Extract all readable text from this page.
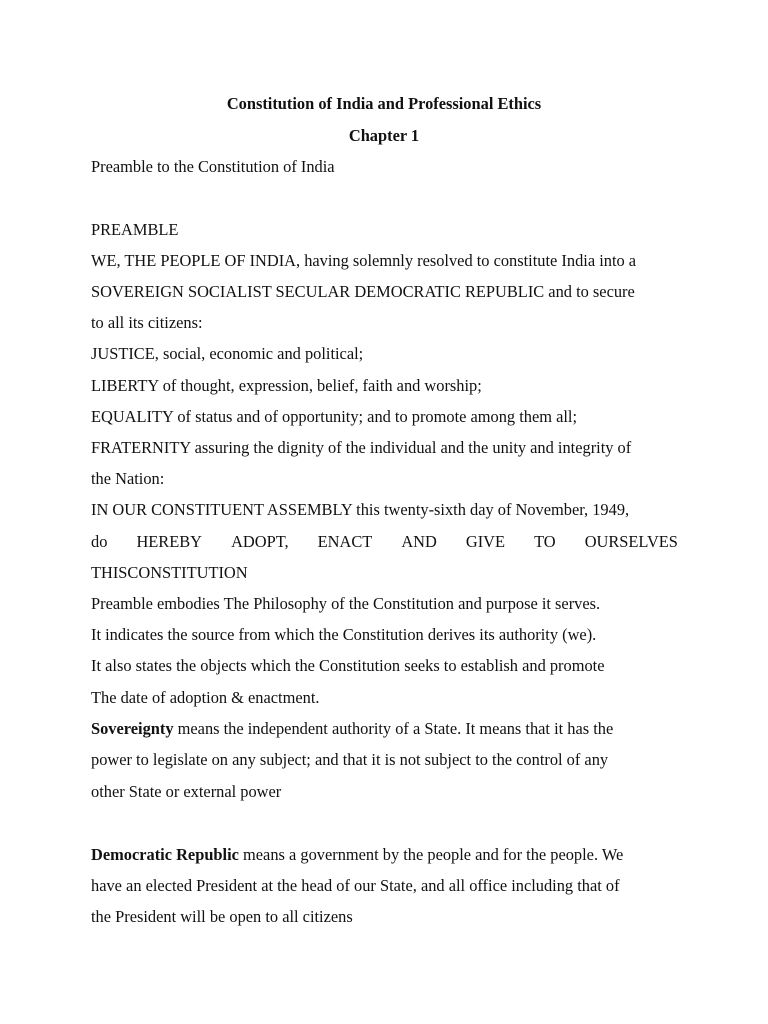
Constitution of India and Professional Ethics
Chapter 1
Preamble to the Constitution of India
PREAMBLE
WE, THE PEOPLE OF INDIA, having solemnly resolved to constitute India into a
SOVEREIGN SOCIALIST SECULAR DEMOCRATIC REPUBLIC and to secure
to all its citizens:
JUSTICE, social, economic and political;
LIBERTY of thought, expression, belief, faith and worship;
EQUALITY of status and of opportunity; and to promote among them all;
FRATERNITY assuring the dignity of the individual and the unity and integrity of
the Nation:
IN OUR CONSTITUENT ASSEMBLY this twenty-sixth day of November, 1949,
do HEREBY ADOPT, ENACT AND GIVE TO OURSELVES
THISCONSTITUTION
Preamble embodies The Philosophy of the Constitution and purpose it serves.
It indicates the source from which the Constitution derives its authority (we).
It also states the objects which the Constitution seeks to establish and promote
The date of adoption & enactment.
Sovereignty means the independent authority of a State. It means that it has the
power to legislate on any subject; and that it is not subject to the control of any
other State or external power
Democratic Republic means a government by the people and for the people. We
have an elected President at the head of our State, and all office including that of
the President will be open to all citizens
